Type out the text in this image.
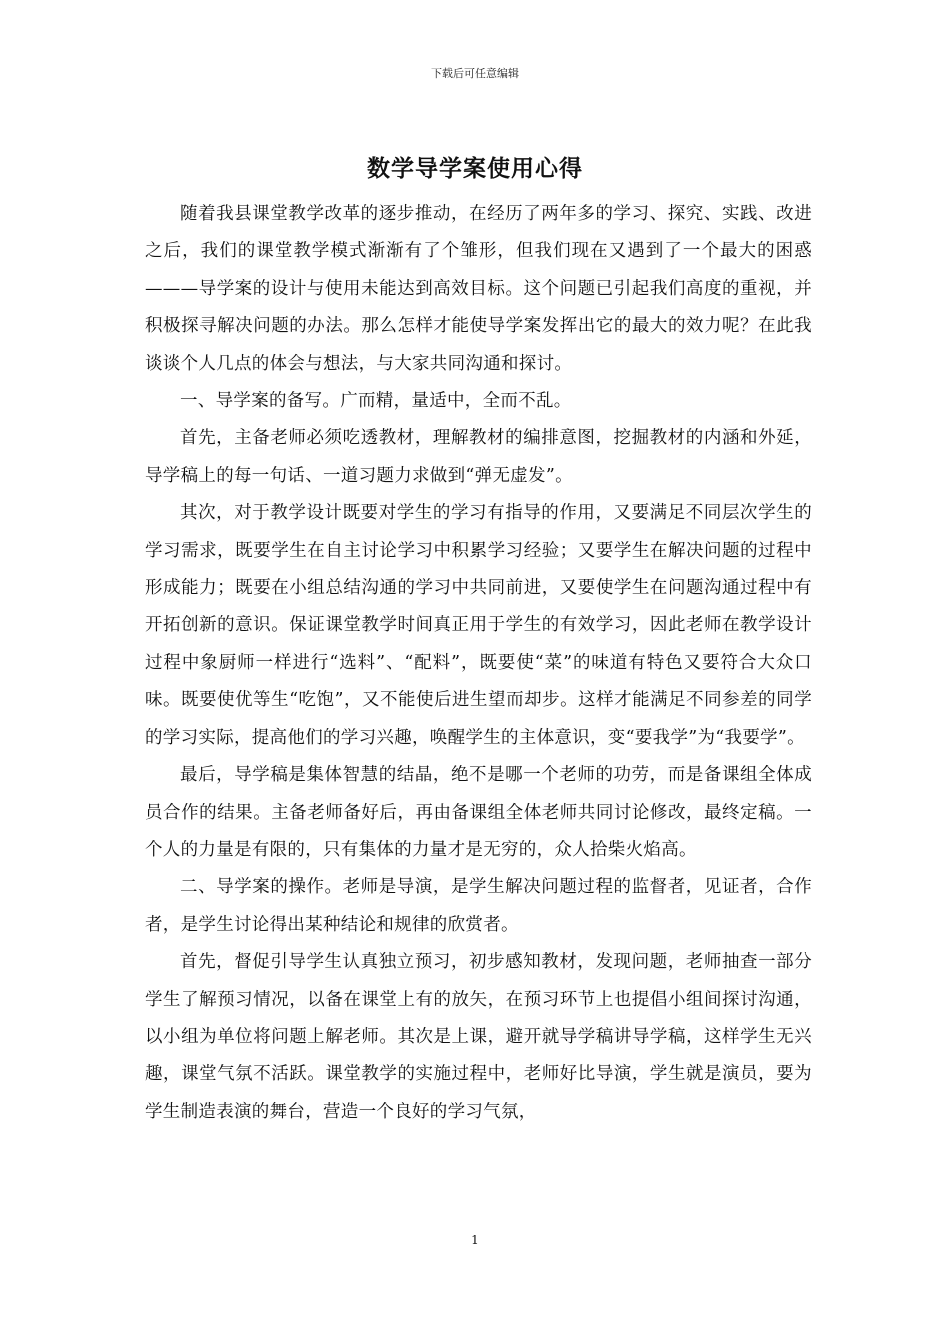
下载后可任意编辑
数学导学案使用心得

随着我县课堂教学改革的逐步推动，在经历了两年多的学习、探究、实践、改进之后，我们的课堂教学模式渐渐有了个雏形，但我们现在又遇到了一个最大的困惑———导学案的设计与使用未能达到高效目标。这个问题已引起我们高度的重视，并积极探寻解决问题的办法。那么怎样才能使导学案发挥出它的最大的效力呢？在此我谈谈个人几点的体会与想法，与大家共同沟通和探讨。

一、导学案的备写。广而精，量适中，全而不乱。

首先，主备老师必须吃透教材，理解教材的编排意图，挖掘教材的内涵和外延，导学稿上的每一句话、一道习题力求做到“弹无虚发”。

其次，对于教学设计既要对学生的学习有指导的作用，又要满足不同层次学生的学习需求，既要学生在自主讨论学习中积累学习经验；又要学生在解决问题的过程中形成能力；既要在小组总结沟通的学习中共同前进，又要使学生在问题沟通过程中有开拓创新的意识。保证课堂教学时间真正用于学生的有效学习，因此老师在教学设计过程中象厨师一样进行“选料”、“配料”，既要使“菜”的味道有特色又要符合大众口味。既要使优等生“吃饱”，又不能使后进生望而却步。这样才能满足不同参差的同学的学习实际，提高他们的学习兴趣，唤醒学生的主体意识，变“要我学”为“我要学”。

最后，导学稿是集体智慧的结晶，绝不是哪一个老师的功劳，而是备课组全体成员合作的结果。主备老师备好后，再由备课组全体老师共同讨论修改，最终定稿。一个人的力量是有限的，只有集体的力量才是无穷的，众人拾柴火焰高。

二、导学案的操作。老师是导演，是学生解决问题过程的监督者，见证者，合作者，是学生讨论得出某种结论和规律的欣赏者。

首先，督促引导学生认真独立预习，初步感知教材，发现问题，老师抽查一部分学生了解预习情况，以备在课堂上有的放矢，在预习环节上也提倡小组间探讨沟通，以小组为单位将问题上解老师。其次是上课，避开就导学稿讲导学稿，这样学生无兴趣，课堂气氛不活跃。课堂教学的实施过程中，老师好比导演，学生就是演员，要为学生制造表演的舞台，营造一个良好的学习气氛，

1
